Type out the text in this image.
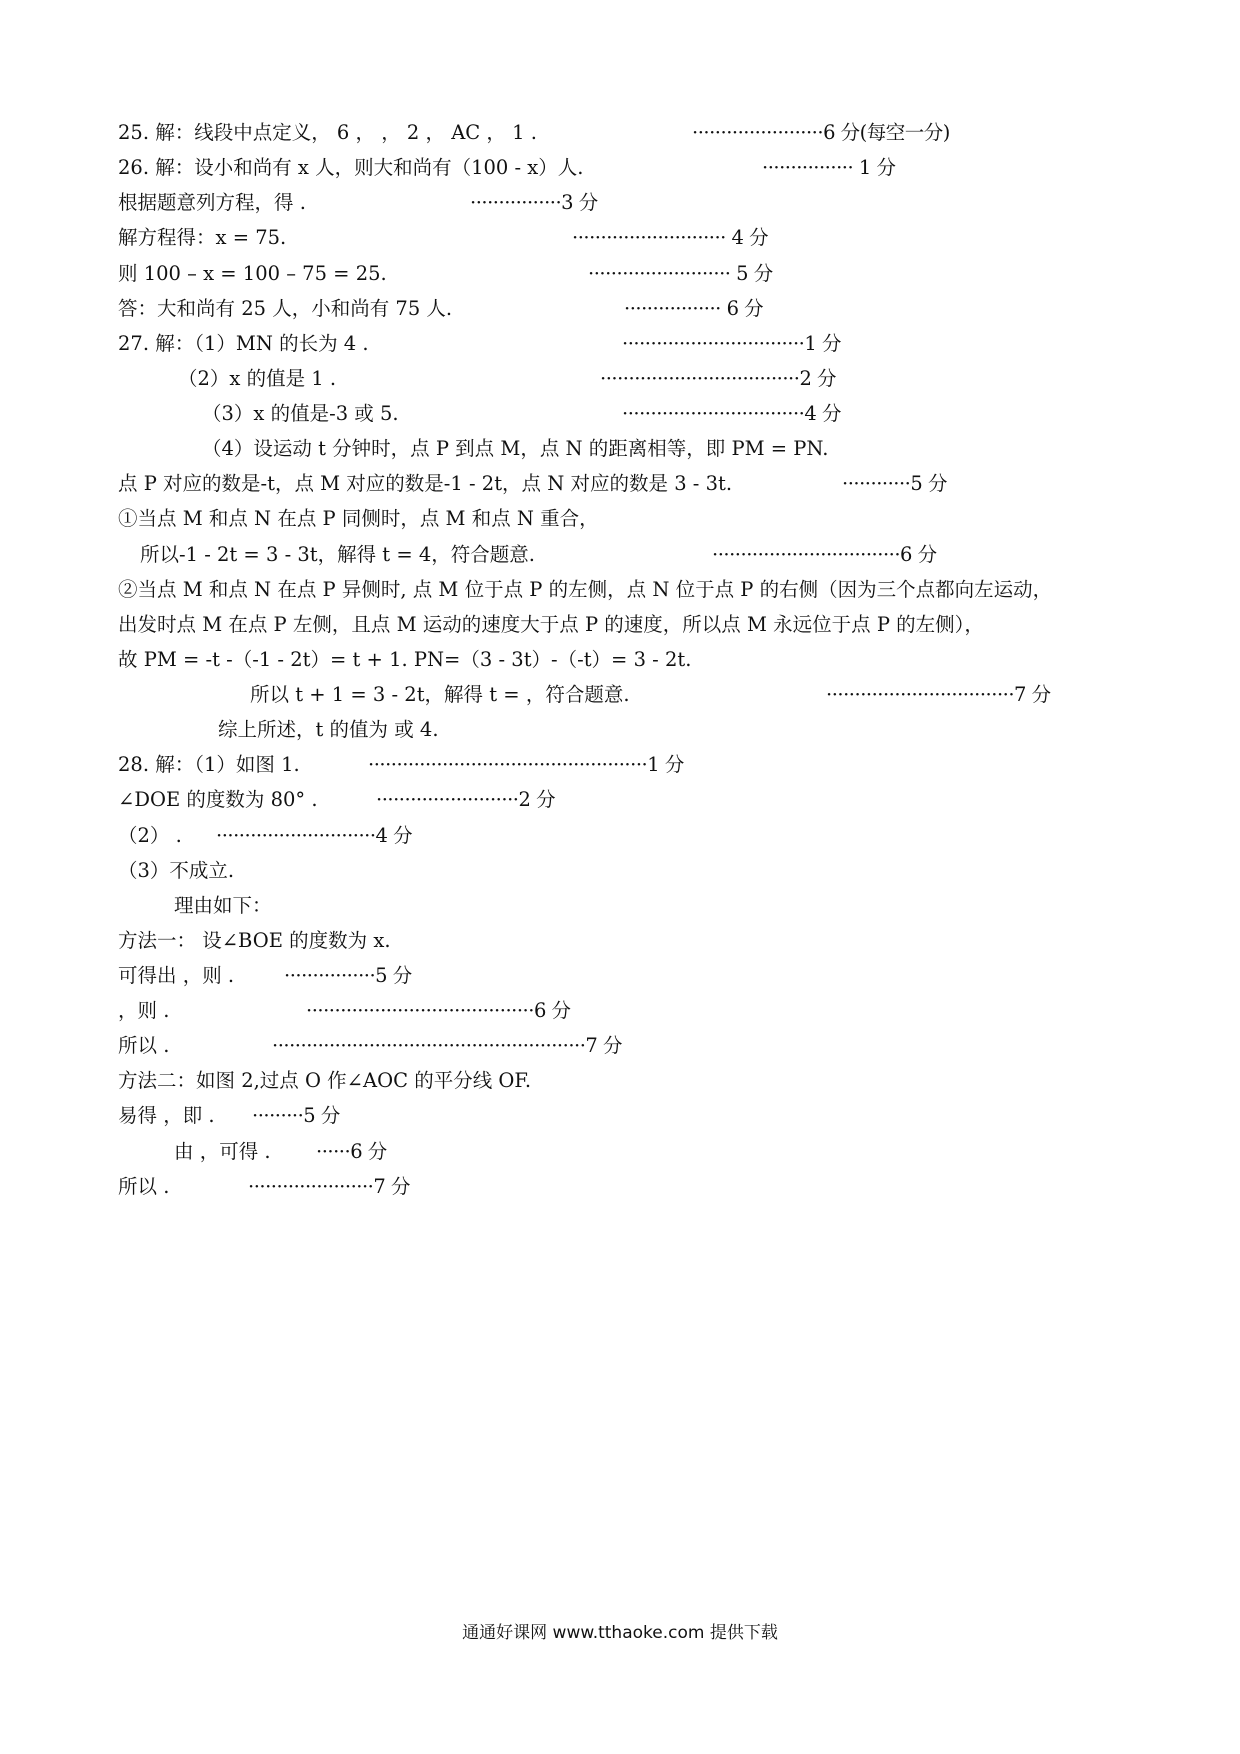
25. 解：线段中点定义， 6 ， ， 2 ， AC ， 1 .	·······················6 分(每空一分)
26. 解：设小和尚有 x 人，则大和尚有（100 - x）人.	················ 1 分
根据题意列方程，得 .	················3 分
解方程得：x = 75.	··························· 4 分
则 100 – x = 100 – 75 = 25.	························· 5 分
答：大和尚有 25 人，小和尚有 75 人.	················· 6 分
27. 解：（1）MN 的长为 4 .	································1 分
（2）x 的值是 1 .	···································2 分
（3）x 的值是-3 或 5.	································4 分
（4）设运动 t 分钟时，点 P 到点 M，点 N 的距离相等，即 PM = PN.
点 P 对应的数是-t，点 M 对应的数是-1 - 2t，点 N 对应的数是 3 - 3t.	············5 分
①当点 M 和点 N 在点 P 同侧时，点 M 和点 N 重合，
所以-1 - 2t = 3 - 3t，解得 t = 4，符合题意.	·································6 分
②当点 M 和点 N 在点 P 异侧时, 点 M 位于点 P 的左侧，点 N 位于点 P 的右侧（因为三个点都向左运动，
出发时点 M 在点 P 左侧，且点 M 运动的速度大于点 P 的速度，所以点 M 永远位于点 P 的左侧），
故 PM = -t -（-1 - 2t）= t + 1. PN=（3 - 3t）-（-t）= 3 - 2t.
所以 t + 1 = 3 - 2t，解得 t = ，符合题意.	·································7 分
综上所述，t 的值为 或 4.
28. 解：（1）如图 1.	·················································1 分
∠DOE 的度数为 80° .	·························2 分
（2） . ····························4 分
（3）不成立.
理由如下：
方法一： 设∠BOE 的度数为 x.
可得出 ，则 .	················5 分
，则 .	········································6 分
所以 .	·······················································7 分
方法二：如图 2,过点 O 作∠AOC 的平分线 OF.
易得 ，即 . ·········5 分
由 ，可得 . ······6 分
所以 .	······················7 分
通通好课网 www.tthaoke.com 提供下载
